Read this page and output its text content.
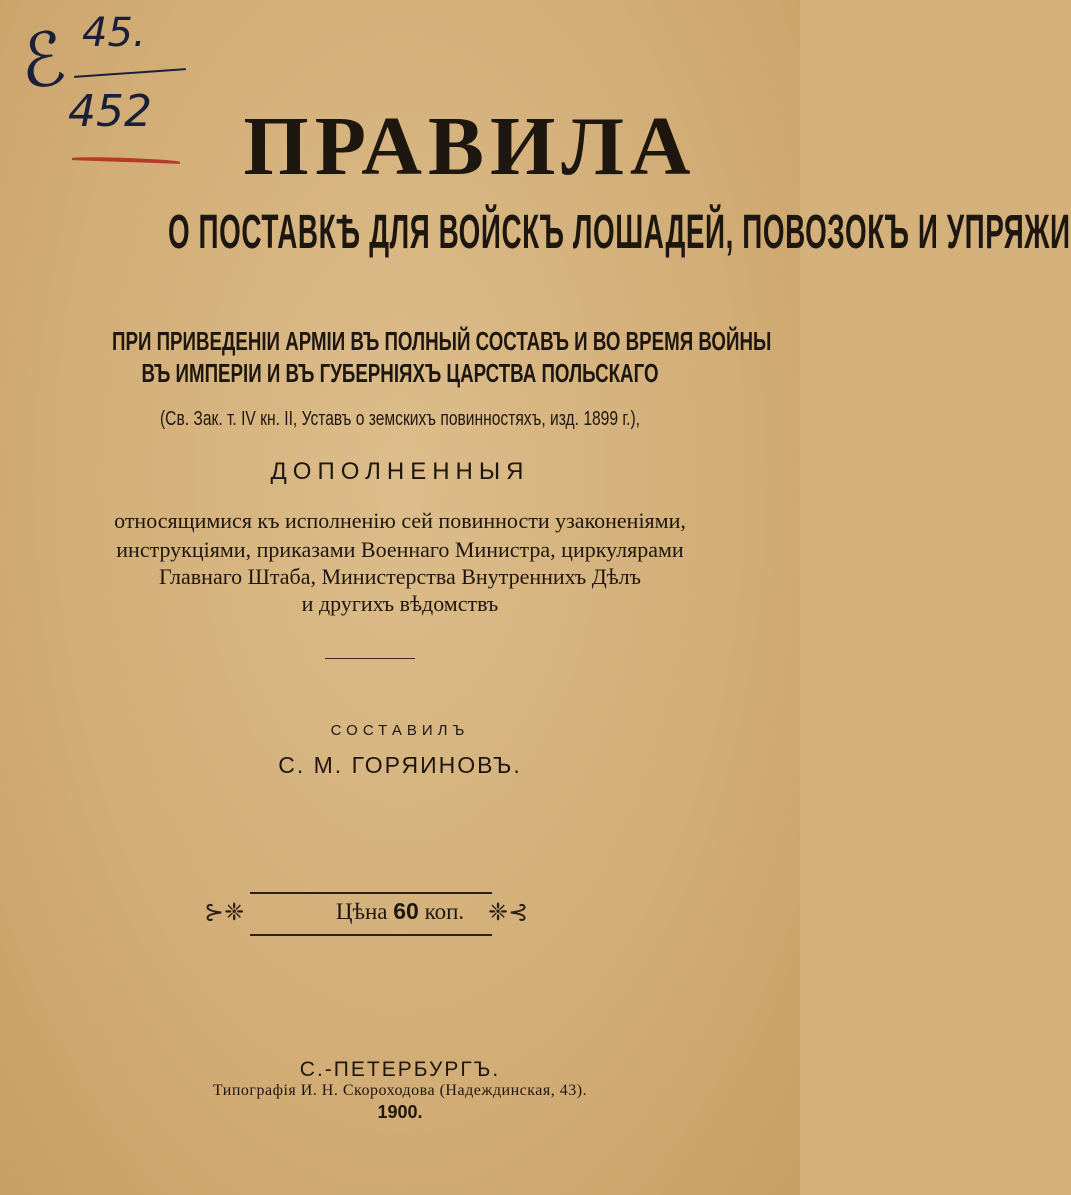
ℰ 45.
452	ПРАВИЛА
О ПОСТАВКѢ ДЛЯ ВОЙСКЪ ЛОШАДЕЙ, ПОВОЗОКЪ И УПРЯЖИ
ПРИ ПРИВЕДЕНІИ АРМІИ ВЪ ПОЛНЫЙ СОСТАВЪ И ВО ВРЕМЯ ВОЙНЫ
ВЪ ИМПЕРІИ И ВЪ ГУБЕРНІЯХЪ ЦАРСТВА ПОЛЬСКАГО
(Св. Зак. т. IV кн. II, Уставъ о земскихъ повинностяхъ, изд. 1899 г.),
ДОПОЛНЕННЫЯ
относящимися къ исполненію сей повинности узаконеніями,
инструкціями, приказами Военнаго Министра, циркулярами
Главнаго Штаба, Министерства Внутреннихъ Дѣлъ
и другихъ вѣдомствъ
СОСТАВИЛЪ
С. М. ГОРЯИНОВЪ.
⊱❈	Цѣна 60 коп. ❈⊰
С.-ПЕТЕРБУРГЪ.
Типографія И. Н. Скороходова (Надеждинская, 43).
1900.
